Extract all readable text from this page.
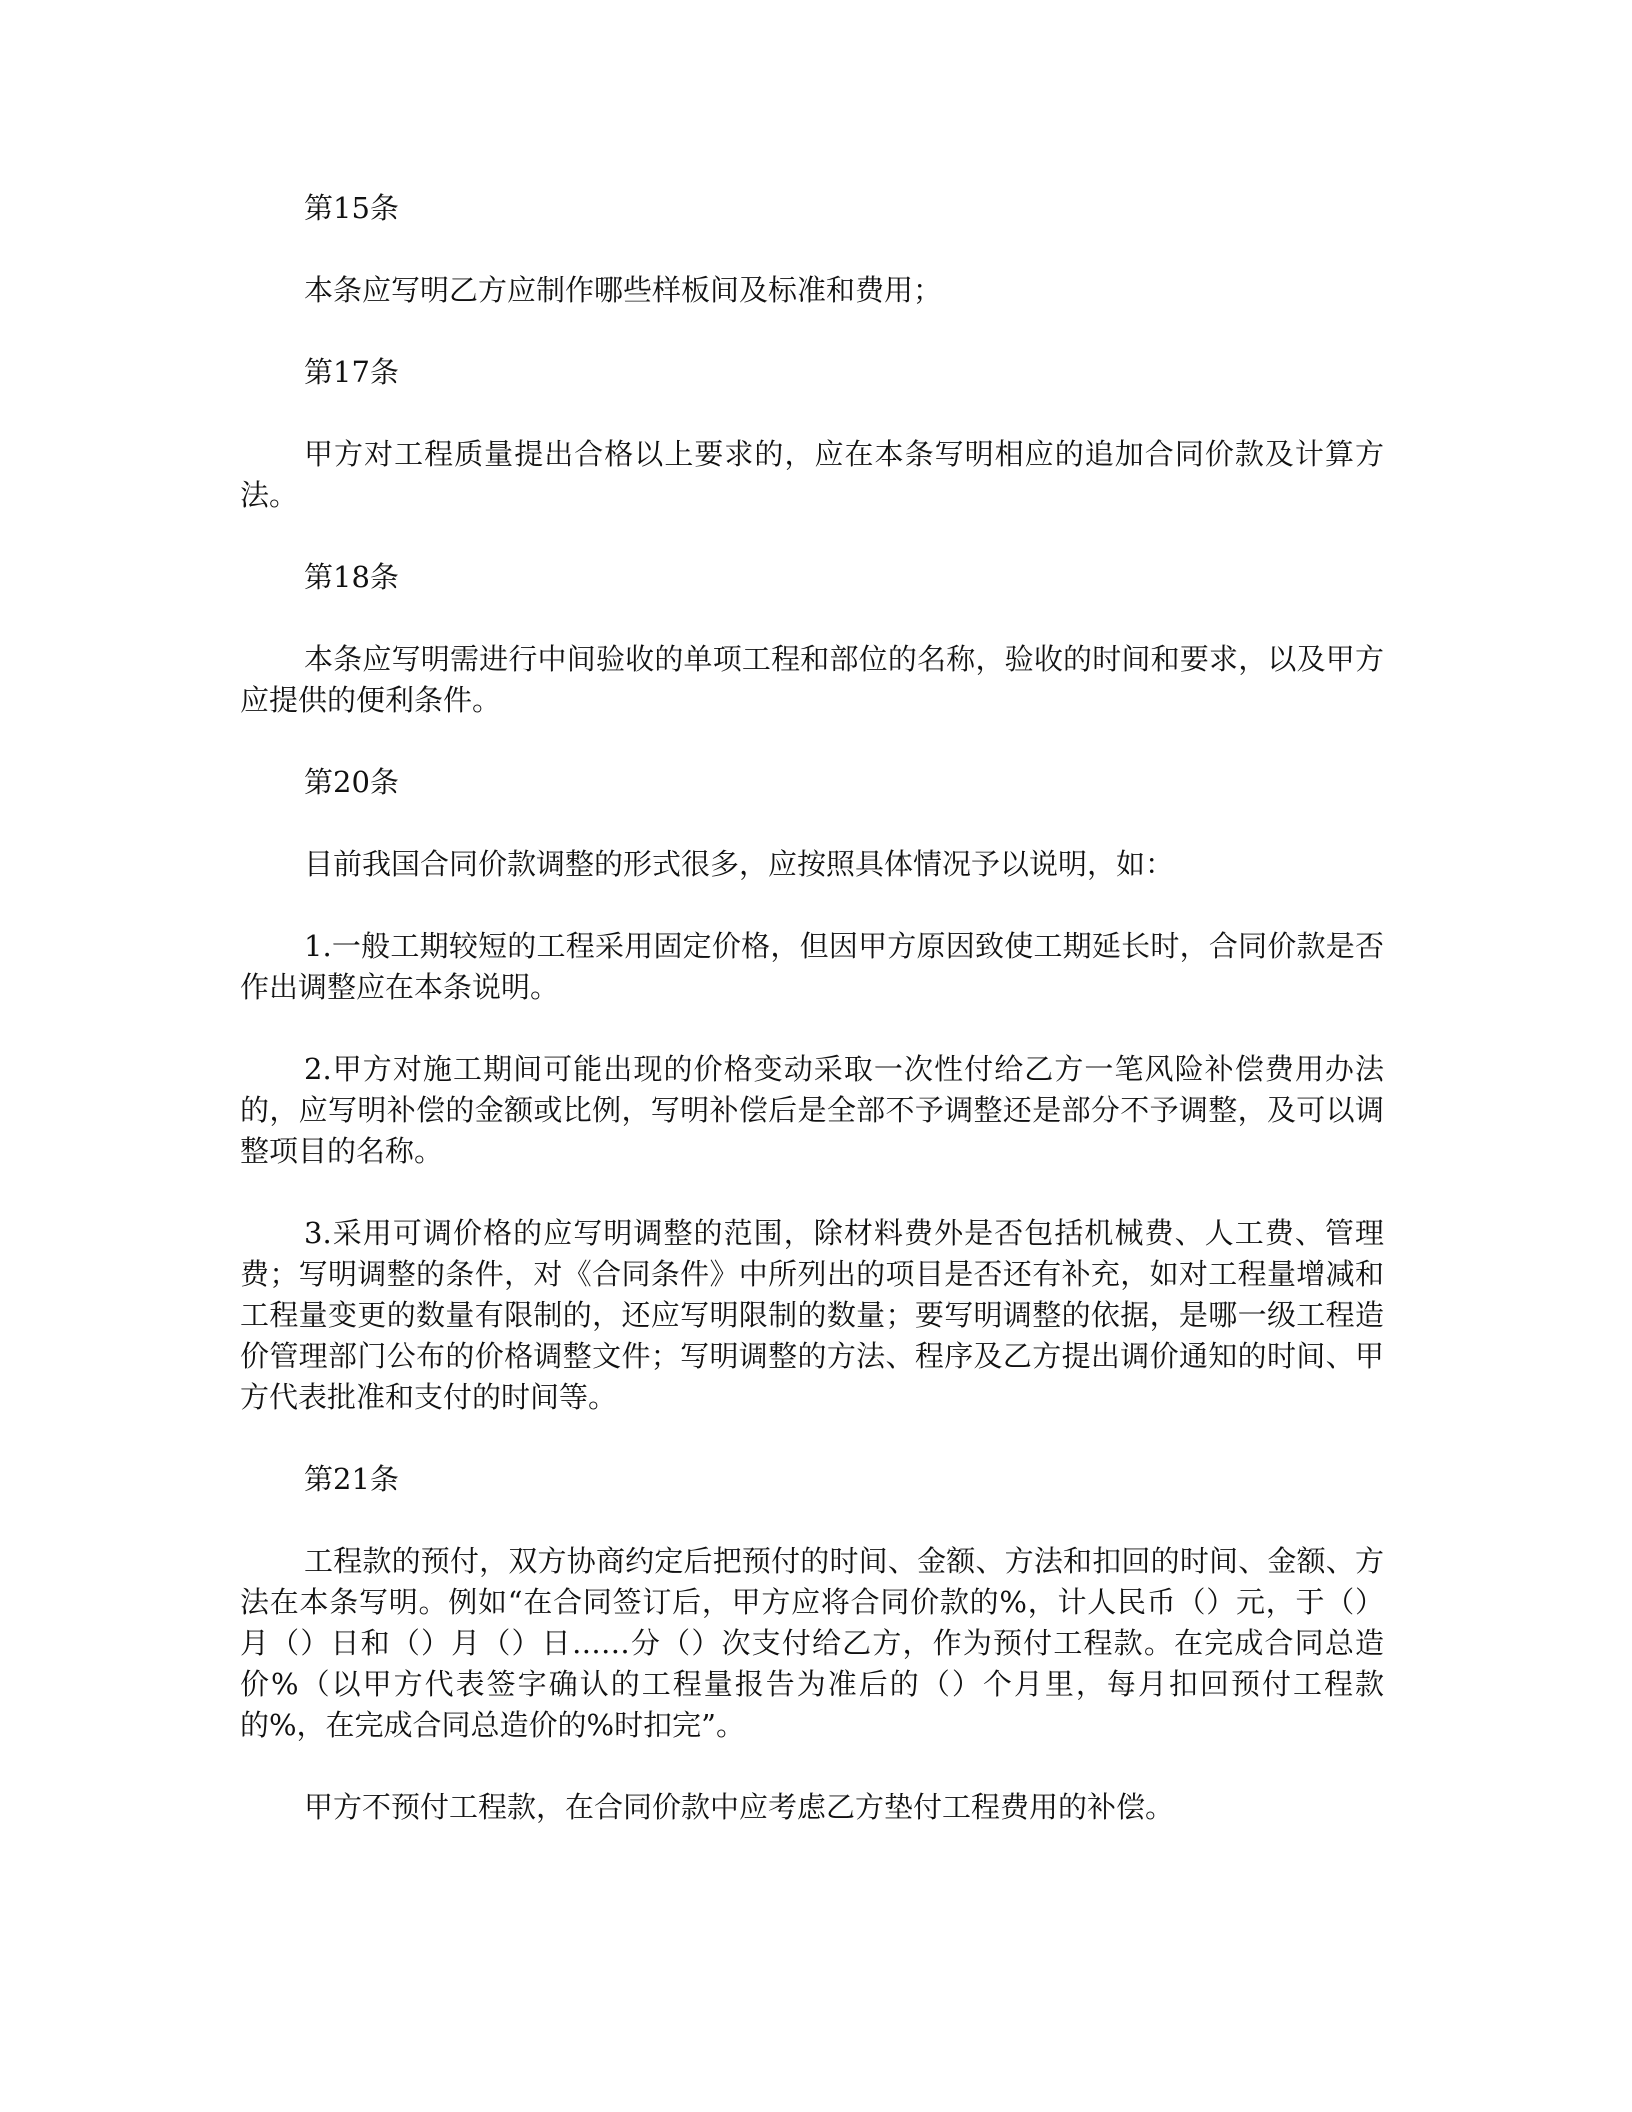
第15条

本条应写明乙方应制作哪些样板间及标准和费用；

第17条

甲方对工程质量提出合格以上要求的，应在本条写明相应的追加合同价款及计算方法。

第18条

本条应写明需进行中间验收的单项工程和部位的名称，验收的时间和要求，以及甲方应提供的便利条件。

第20条

目前我国合同价款调整的形式很多，应按照具体情况予以说明，如：

1.一般工期较短的工程采用固定价格，但因甲方原因致使工期延长时，合同价款是否作出调整应在本条说明。

2.甲方对施工期间可能出现的价格变动采取一次性付给乙方一笔风险补偿费用办法的，应写明补偿的金额或比例，写明补偿后是全部不予调整还是部分不予调整，及可以调整项目的名称。

3.采用可调价格的应写明调整的范围，除材料费外是否包括机械费、人工费、管理费；写明调整的条件，对《合同条件》中所列出的项目是否还有补充，如对工程量增减和工程量变更的数量有限制的，还应写明限制的数量；要写明调整的依据，是哪一级工程造价管理部门公布的价格调整文件；写明调整的方法、程序及乙方提出调价通知的时间、甲方代表批准和支付的时间等。

第21条

工程款的预付，双方协商约定后把预付的时间、金额、方法和扣回的时间、金额、方法在本条写明。例如“在合同签订后，甲方应将合同价款的%，计人民币（）元，于（）月（）日和（）月（）日……分（）次支付给乙方，作为预付工程款。在完成合同总造价%（以甲方代表签字确认的工程量报告为准后的（）个月里，每月扣回预付工程款的%，在完成合同总造价的%时扣完”。

甲方不预付工程款，在合同价款中应考虑乙方垫付工程费用的补偿。
